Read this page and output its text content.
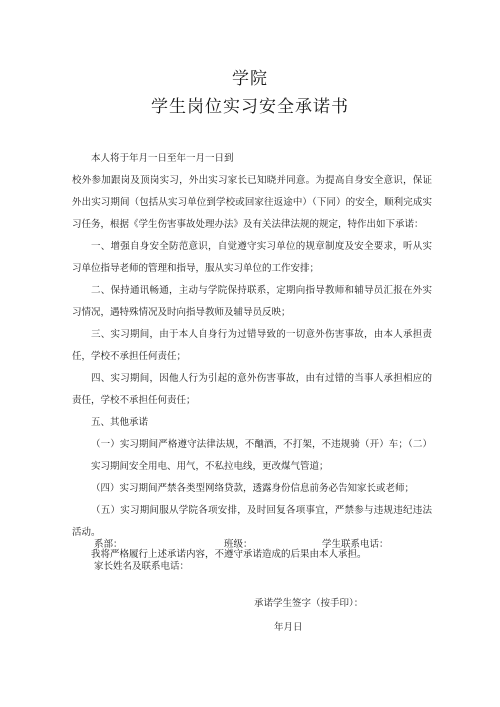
学院
学生岗位实习安全承诺书

本人将于年月一日至年一月一日到

校外参加跟岗及顶岗实习，外出实习家长已知晓并同意。为提高自身安全意识，保证外出实习期间（包括从实习单位到学校或回家往返途中）（下同）的安全，顺利完成实习任务，根据《学生伤害事故处理办法》及有关法律法规的规定，特作出如下承诺：

一、增强自身安全防范意识，自觉遵守实习单位的规章制度及安全要求，听从实习单位指导老师的管理和指导，服从实习单位的工作安排；

二、保持通讯畅通，主动与学院保持联系，定期向指导教师和辅导员汇报在外实习情况，遇特殊情况及时向指导教师及辅导员反映；

三、实习期间，由于本人自身行为过错导致的一切意外伤害事故，由本人承担责任，学校不承担任何责任；

四、实习期间，因他人行为引起的意外伤害事故，由有过错的当事人承担相应的责任，学校不承担任何责任；

五、其他承诺

（一）实习期间严格遵守法律法规，不酗酒，不打架，不违规骑（开）车；（二）实习期间安全用电、用气，不私拉电线，更改煤气管道；

（四）实习期间严禁各类型网络贷款，透露身份信息前务必告知家长或老师；

（五）实习期间服从学院各项安排，及时回复各项事宜，严禁参与违规违纪违法活动。

我将严格履行上述承诺内容，不遵守承诺造成的后果由本人承担。

系部：	班级：	学生联系电话：
家长姓名及联系电话：
承诺学生签字（按手印）：
年月日
